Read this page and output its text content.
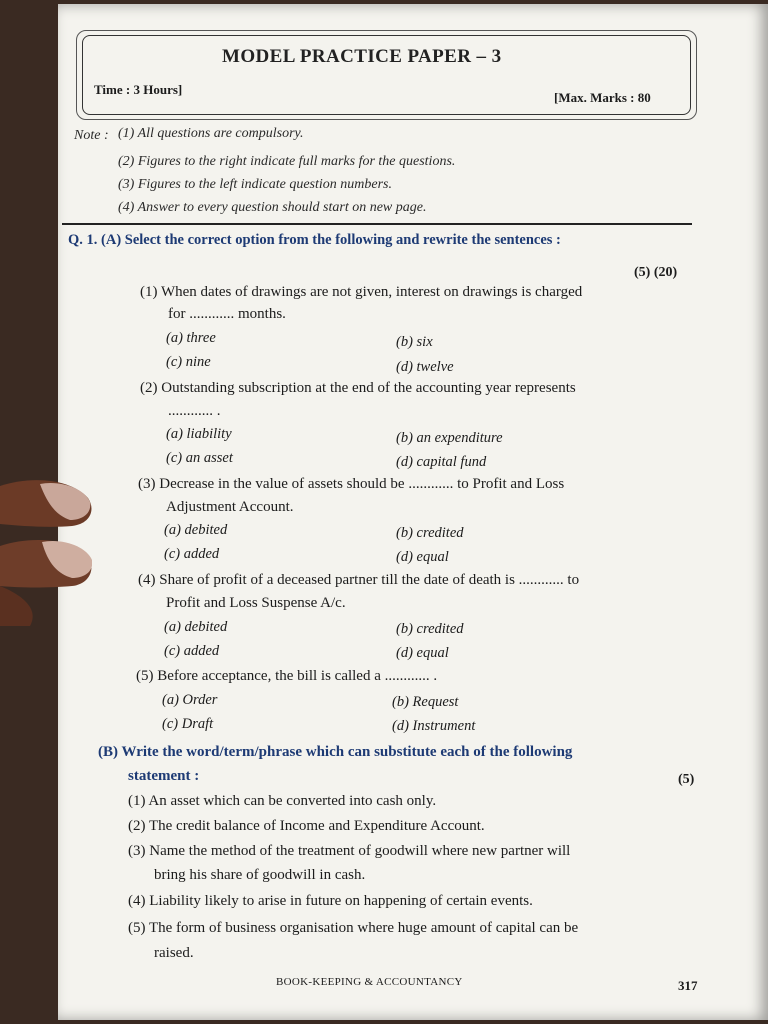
MODEL PRACTICE PAPER – 3
Time : 3 Hours]
[Max. Marks : 80
Note : (1) All questions are compulsory.
(2) Figures to the right indicate full marks for the questions.
(3) Figures to the left indicate question numbers.
(4) Answer to every question should start on new page.
Q. 1. (A) Select the correct option from the following and rewrite the sentences :
(5) (20)
(1) When dates of drawings are not given, interest on drawings is charged
for ............ months.
(a) three	(b) six
(c) nine	(d) twelve
(2) Outstanding subscription at the end of the accounting year represents
............ .
(a) liability	(b) an expenditure
(c) an asset	(d) capital fund
(3) Decrease in the value of assets should be ............ to Profit and Loss
Adjustment Account.
(a) debited	(b) credited
(c) added	(d) equal
(4) Share of profit of a deceased partner till the date of death is ............ to
Profit and Loss Suspense A/c.
(a) debited	(b) credited
(c) added	(d) equal
(5) Before acceptance, the bill is called a ............ .
(a) Order	(b) Request
(c) Draft	(d) Instrument
(B) Write the word/term/phrase which can substitute each of the following
statement :	(5)
(1) An asset which can be converted into cash only.
(2) The credit balance of Income and Expenditure Account.
(3) Name the method of the treatment of goodwill where new partner will
bring his share of goodwill in cash.
(4) Liability likely to arise in future on happening of certain events.
(5) The form of business organisation where huge amount of capital can be
raised.
BOOK-KEEPING & ACCOUNTANCY	317
